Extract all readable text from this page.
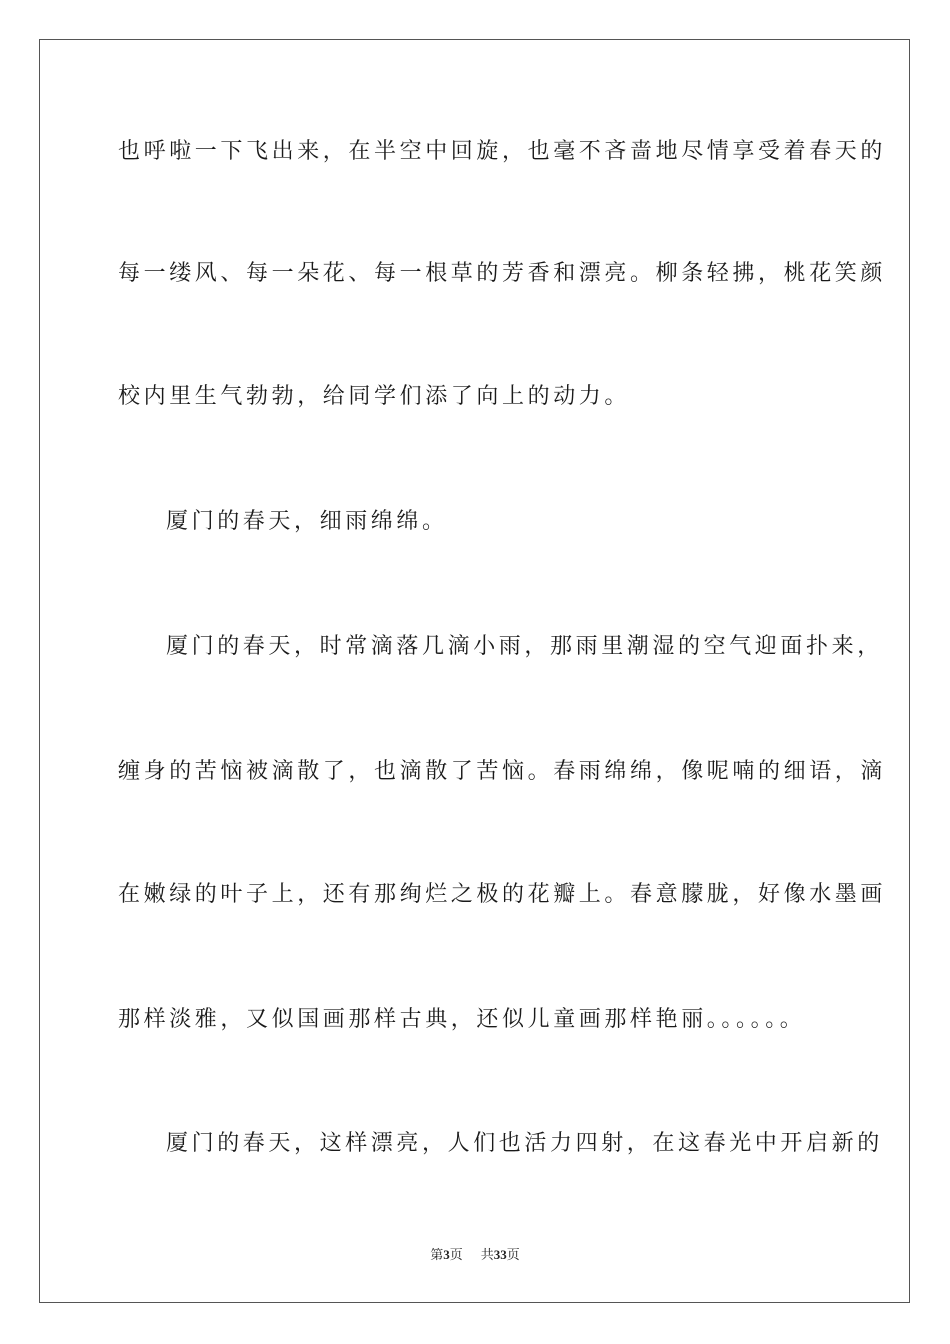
也呼啦一下飞出来，在半空中回旋，也毫不吝啬地尽情享受着春天的
每一缕风、每一朵花、每一根草的芳香和漂亮。柳条轻拂，桃花笑颜
校内里生气勃勃，给同学们添了向上的动力。
厦门的春天，细雨绵绵。
厦门的春天，时常滴落几滴小雨，那雨里潮湿的空气迎面扑来，
缠身的苦恼被滴散了，也滴散了苦恼。春雨绵绵，像呢喃的细语，滴
在嫩绿的叶子上，还有那绚烂之极的花瓣上。春意朦胧，好像水墨画
那样淡雅，又似国画那样古典，还似儿童画那样艳丽。。。。。。
厦门的春天，这样漂亮，人们也活力四射，在这春光中开启新的
第3页 共33页
